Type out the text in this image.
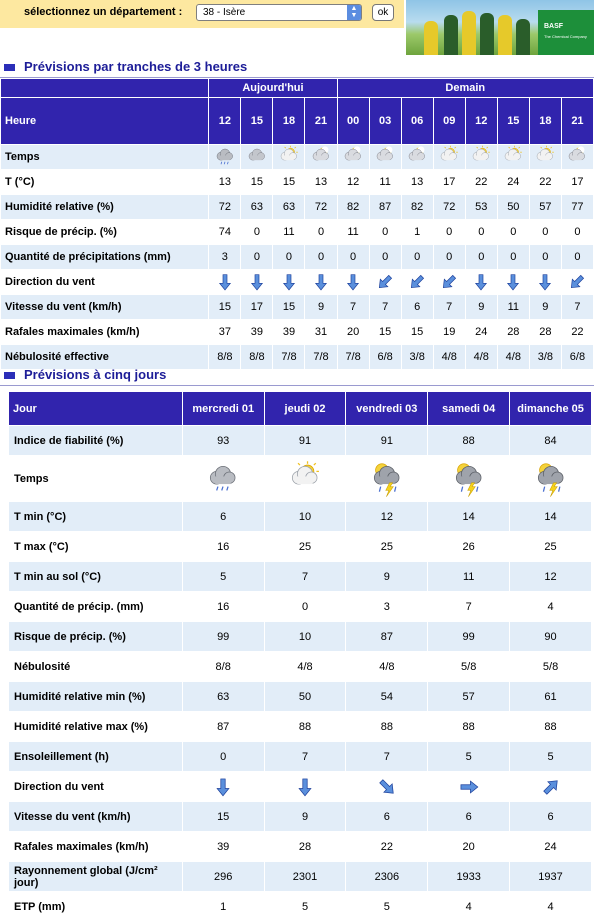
sélectionnez un département : 38 - Isère	▲
▼	ok
BASF
The Chemical Company
Prévisions par tranches de 3 heures
	Aujourd'hui				Demain							
Heure	12	15	18	21	00	03	06	09	12	15	18	21
Temps												
T (°C)	13	15	15	13	12	11	13	17	22	24	22	17
Humidité relative (%)	72	63	63	72	82	87	82	72	53	50	57	77
Risque de précip. (%)	74	0	11	0	11	0	1	0	0	0	0	0
Quantité de précipitations (mm)	3	0	0	0	0	0	0	0	0	0	0	0
Direction du vent												
Vitesse du vent (km/h)	15	17	15	9	7	7	6	7	9	11	9	7
Rafales maximales (km/h)	37	39	39	31	20	15	15	19	24	28	28	22
Nébulosité effective	8/8	8/8	7/8	7/8	7/8	6/8	3/8	4/8	4/8	4/8	3/8	6/8
Prévisions à cinq jours
Jour	mercredi 01	jeudi 02	vendredi 03	samedi 04	dimanche 05
Indice de fiabilité (%)	93	91	91	88	84
Temps					
T min (°C)	6	10	12	14	14
T max (°C)	16	25	25	26	25
T min au sol (°C)	5	7	9	11	12
Quantité de précip. (mm)	16	0	3	7	4
Risque de précip. (%)	99	10	87	99	90
Nébulosité	8/8	4/8	4/8	5/8	5/8
Humidité relative min (%)	63	50	54	57	61
Humidité relative max (%)	87	88	88	88	88
Ensoleillement (h)	0	7	7	5	5
Direction du vent					
Vitesse du vent (km/h)	15	9	6	6	6
Rafales maximales (km/h)	39	28	22	20	24
Rayonnement global (J/cm² jour)	296	2301	2306	1933	1937
ETP (mm)	1	5	5	4	4
